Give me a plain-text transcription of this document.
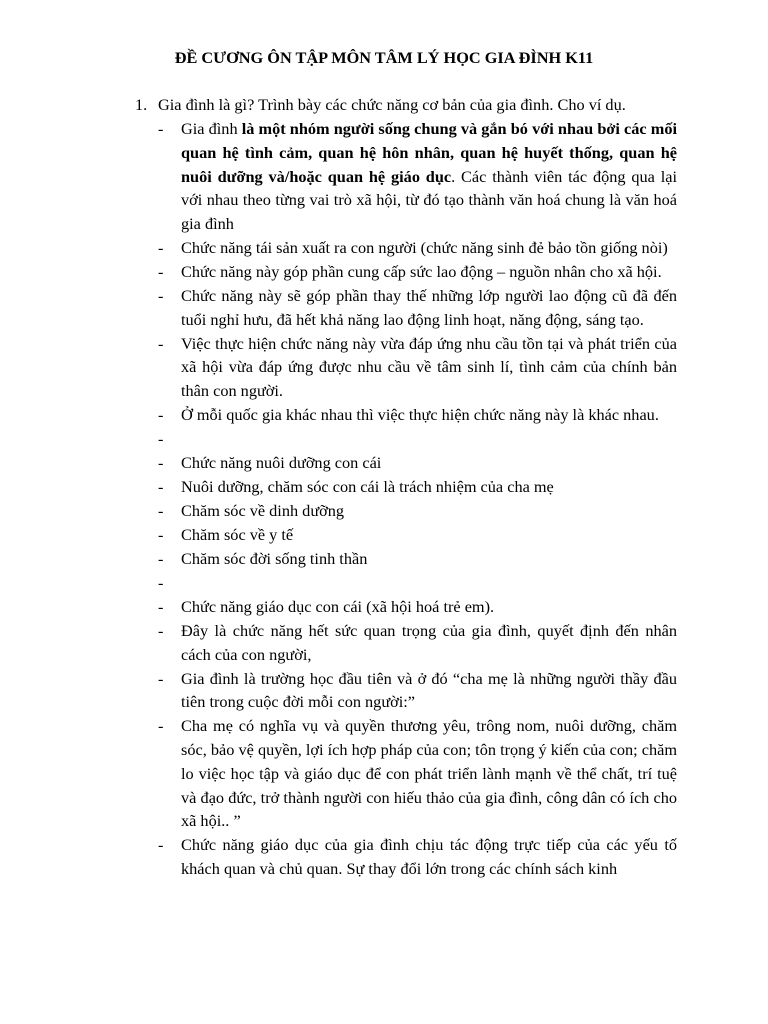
ĐỀ CƯƠNG ÔN TẬP MÔN TÂM LÝ HỌC GIA ĐÌNH K11
1. Gia đình là gì? Trình bày các chức năng cơ bản của gia đình. Cho ví dụ.
- Gia đình là một nhóm người sống chung và gắn bó với nhau bởi các mối quan hệ tình cảm, quan hệ hôn nhân, quan hệ huyết thống, quan hệ nuôi dưỡng và/hoặc quan hệ giáo dục. Các thành viên tác động qua lại với nhau theo từng vai trò xã hội, từ đó tạo thành văn hoá chung là văn hoá gia đình
- Chức năng tái sản xuất ra con người (chức năng sinh đẻ bảo tồn giống nòi)
- Chức năng này góp phần cung cấp sức lao động – nguồn nhân cho xã hội.
- Chức năng này sẽ góp phần thay thế những lớp người lao động cũ đã đến tuổi nghỉ hưu, đã hết khả năng lao động linh hoạt, năng động, sáng tạo.
- Việc thực hiện chức năng này vừa đáp ứng nhu cầu tồn tại và phát triển của xã hội vừa đáp ứng được nhu cầu về tâm sinh lí, tình cảm của chính bản thân con người.
- Ở mỗi quốc gia khác nhau thì việc thực hiện chức năng này là khác nhau.
-

- Chức năng nuôi dưỡng con cái
- Nuôi dưỡng, chăm sóc con cái là trách nhiệm của cha mẹ
- Chăm sóc về dinh dưỡng
- Chăm sóc về y tế
- Chăm sóc đời sống tinh thần
-

- Chức năng giáo dục con cái (xã hội hoá trẻ em).
- Đây là chức năng hết sức quan trọng của gia đình, quyết định đến nhân cách của con người,
- Gia đình là trường học đầu tiên và ở đó “cha mẹ là những người thầy đầu tiên trong cuộc đời mỗi con người:”
- Cha mẹ có nghĩa vụ và quyền thương yêu, trông nom, nuôi dưỡng, chăm sóc, bảo vệ quyền, lợi ích hợp pháp của con; tôn trọng ý kiến của con; chăm lo việc học tập và giáo dục để con phát triển lành mạnh về thể chất, trí tuệ và đạo đức, trở thành người con hiếu thảo của gia đình, công dân có ích cho xã hội.. ”
- Chức năng giáo dục của gia đình chịu tác động trực tiếp của các yếu tố khách quan và chủ quan. Sự thay đổi lớn trong các chính sách kinh
